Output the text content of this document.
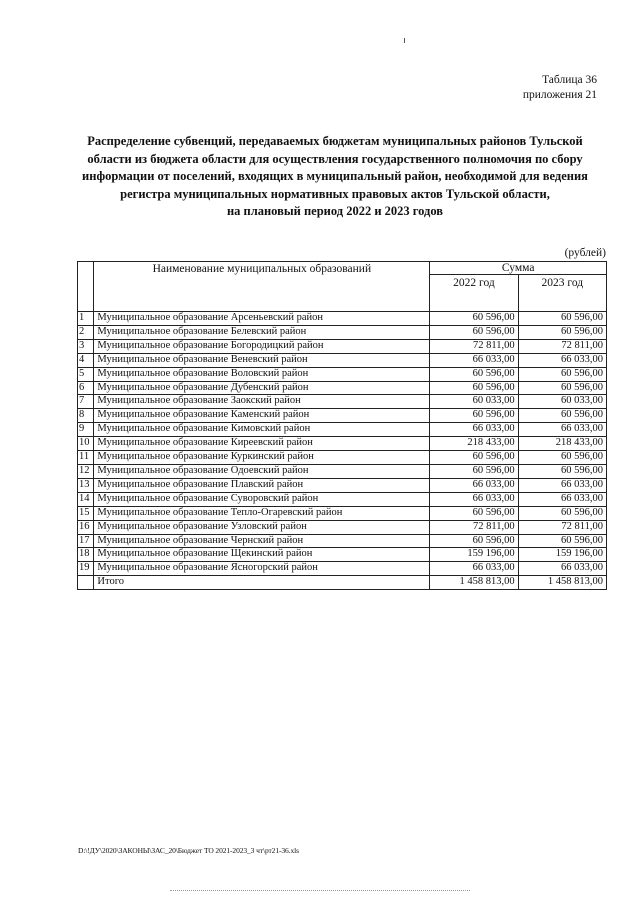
Таблица 36
приложения 21
Распределение субвенций, передаваемых бюджетам муниципальных районов Тульской
области из бюджета области для осуществления государственного полномочия по сбору
информации от поселений, входящих в муниципальный район, необходимой для ведения
регистра муниципальных нормативных правовых актов Тульской области,
на плановый период 2022 и 2023 годов
(рублей)
	Наименование муниципальных образований	Сумма	
		2022 год	2023 год
1	Муниципальное образование Арсеньевский район	60 596,00	60 596,00
2	Муниципальное образование Белевский район	60 596,00	60 596,00
3	Муниципальное образование Богородицкий район	72 811,00	72 811,00
4	Муниципальное образование Веневский район	66 033,00	66 033,00
5	Муниципальное образование Воловский район	60 596,00	60 596,00
6	Муниципальное образование Дубенский район	60 596,00	60 596,00
7	Муниципальное образование Заокский район	60 033,00	60 033,00
8	Муниципальное образование Каменский район	60 596,00	60 596,00
9	Муниципальное образование Кимовский район	66 033,00	66 033,00
10	Муниципальное образование Киреевский район	218 433,00	218 433,00
11	Муниципальное образование Куркинский район	60 596,00	60 596,00
12	Муниципальное образование Одоевский район	60 596,00	60 596,00
13	Муниципальное образование Плавский район	66 033,00	66 033,00
14	Муниципальное образование Суворовский район	66 033,00	66 033,00
15	Муниципальное образование Тепло-Огаревский район	60 596,00	60 596,00
16	Муниципальное образование Узловский район	72 811,00	72 811,00
17	Муниципальное образование Чернский район	60 596,00	60 596,00
18	Муниципальное образование Щекинский район	159 196,00	159 196,00
19	Муниципальное образование Ясногорский район	66 033,00	66 033,00
	Итого	1 458 813,00	1 458 813,00
D:\!ДУ\2020\ЗАКОНЫ\ЗАС_20\Бюджет ТО 2021-2023_3 чт\рт21-36.xls
